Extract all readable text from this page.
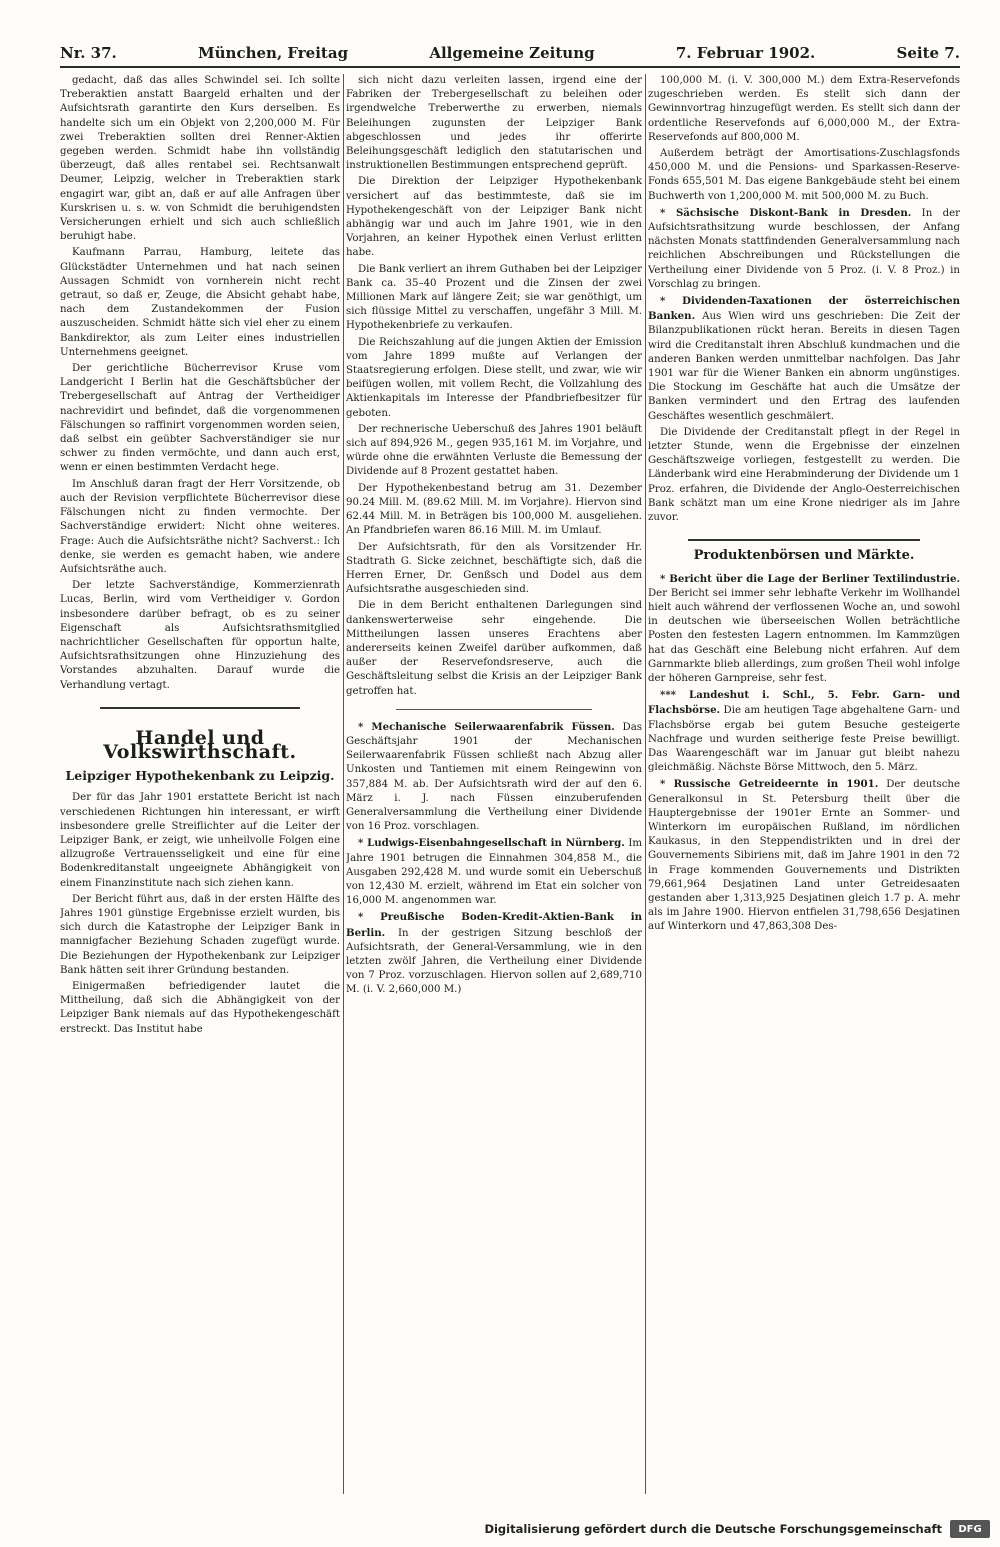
Nr. 37.	München, Freitag	Allgemeine Zeitung	7. Februar 1902.	Seite 7.

gedacht, daß das alles Schwindel sei. Ich sollte Treberaktien anstatt Baargeld erhalten und der Aufsichtsrath garantirte den Kurs derselben. Es handelte sich um ein Objekt von 2,200,000 M. Für zwei Treberaktien sollten drei Renner-Aktien gegeben werden. Schmidt habe ihn vollständig überzeugt, daß alles rentabel sei. Rechtsanwalt Deumer, Leipzig, welcher in Treberaktien stark engagirt war, gibt an, daß er auf alle Anfragen über Kurskrisen u. s. w. von Schmidt die beruhigendsten Versicherungen erhielt und sich auch schließlich beruhigt habe.

Kaufmann Parrau, Hamburg, leitete das Glückstädter Unternehmen und hat nach seinen Aussagen Schmidt von vornherein nicht recht getraut, so daß er, Zeuge, die Absicht gehabt habe, nach dem Zustandekommen der Fusion auszuscheiden. Schmidt hätte sich viel eher zu einem Bankdirektor, als zum Leiter eines industriellen Unternehmens geeignet.

Der gerichtliche Bücherrevisor Kruse vom Landgericht I Berlin hat die Geschäftsbücher der Trebergesellschaft auf Antrag der Vertheidiger nachrevidirt und befindet, daß die vorgenommenen Fälschungen so raffinirt vorgenommen worden seien, daß selbst ein geübter Sachverständiger sie nur schwer zu finden vermöchte, und dann auch erst, wenn er einen bestimmten Verdacht hege.

Im Anschluß daran fragt der Herr Vorsitzende, ob auch der Revision verpflichtete Bücherrevisor diese Fälschungen nicht zu finden vermochte. Der Sachverständige erwidert: Nicht ohne weiteres. Frage: Auch die Aufsichtsräthe nicht? Sachverst.: Ich denke, sie werden es gemacht haben, wie andere Aufsichtsräthe auch.

Der letzte Sachverständige, Kommerzienrath Lucas, Berlin, wird vom Vertheidiger v. Gordon insbesondere darüber befragt, ob es zu seiner Eigenschaft als Aufsichtsrathsmitglied nachrichtlicher Gesellschaften für opportun halte, Aufsichtsrathsitzungen ohne Hinzuziehung des Vorstandes abzuhalten. Darauf wurde die Verhandlung vertagt.

Handel und Volkswirthschaft.
Leipziger Hypothekenbank zu Leipzig.

Der für das Jahr 1901 erstattete Bericht ist nach verschiedenen Richtungen hin interessant, er wirft insbesondere grelle Streiflichter auf die Leiter der Leipziger Bank, er zeigt, wie unheilvolle Folgen eine allzugroße Vertrauensseligkeit und eine für eine Bodenkreditanstalt ungeeignete Abhängigkeit von einem Finanzinstitute nach sich ziehen kann.

Der Bericht führt aus, daß in der ersten Hälfte des Jahres 1901 günstige Ergebnisse erzielt wurden, bis sich durch die Katastrophe der Leipziger Bank in mannigfacher Beziehung Schaden zugefügt wurde. Die Beziehungen der Hypothekenbank zur Leipziger Bank hätten seit ihrer Gründung bestanden.

Einigermaßen befriedigender lautet die Mittheilung, daß sich die Abhängigkeit von der Leipziger Bank niemals auf das Hypothekengeschäft erstreckt. Das Institut habe

sich nicht dazu verleiten lassen, irgend eine der Fabriken der Trebergesellschaft zu beleihen oder irgendwelche Treberwerthe zu erwerben, niemals Beleihungen zugunsten der Leipziger Bank abgeschlossen und jedes ihr offerirte Beleihungsgeschäft lediglich den statutarischen und instruktionellen Bestimmungen entsprechend geprüft.

Die Direktion der Leipziger Hypothekenbank versichert auf das bestimmteste, daß sie im Hypothekengeschäft von der Leipziger Bank nicht abhängig war und auch im Jahre 1901, wie in den Vorjahren, an keiner Hypothek einen Verlust erlitten habe.

Die Bank verliert an ihrem Guthaben bei der Leipziger Bank ca. 35–40 Prozent und die Zinsen der zwei Millionen Mark auf längere Zeit; sie war genöthigt, um sich flüssige Mittel zu verschaffen, ungefähr 3 Mill. M. Hypothekenbriefe zu verkaufen.

Die Reichszahlung auf die jungen Aktien der Emission vom Jahre 1899 mußte auf Verlangen der Staatsregierung erfolgen. Diese stellt, und zwar, wie wir beifügen wollen, mit vollem Recht, die Vollzahlung des Aktienkapitals im Interesse der Pfandbriefbesitzer für geboten.

Der rechnerische Ueberschuß des Jahres 1901 beläuft sich auf 894,926 M., gegen 935,161 M. im Vorjahre, und würde ohne die erwähnten Verluste die Bemessung der Dividende auf 8 Prozent gestattet haben.

Der Hypothekenbestand betrug am 31. Dezember 90.24 Mill. M. (89.62 Mill. M. im Vorjahre). Hiervon sind 62.44 Mill. M. in Beträgen bis 100,000 M. ausgeliehen. An Pfandbriefen waren 86.16 Mill. M. im Umlauf.

Der Aufsichtsrath, für den als Vorsitzender Hr. Stadtrath G. Sicke zeichnet, beschäftigte sich, daß die Herren Erner, Dr. Genßsch und Dodel aus dem Aufsichtsrathe ausgeschieden sind.

Die in dem Bericht enthaltenen Darlegungen sind dankenswerterweise sehr eingehende. Die Mittheilungen lassen unseres Erachtens aber andererseits keinen Zweifel darüber aufkommen, daß außer der Reservefondsreserve, auch die Geschäftsleitung selbst die Krisis an der Leipziger Bank getroffen hat.

* Mechanische Seilerwaarenfabrik Füssen. Das Geschäftsjahr 1901 der Mechanischen Seilerwaarenfabrik Füssen schließt nach Abzug aller Unkosten und Tantiemen mit einem Reingewinn von 357,884 M. ab. Der Aufsichtsrath wird der auf den 6. März i. J. nach Füssen einzuberufenden Generalversammlung die Vertheilung einer Dividende von 16 Proz. vorschlagen.

* Ludwigs-Eisenbahngesellschaft in Nürnberg. Im Jahre 1901 betrugen die Einnahmen 304,858 M., die Ausgaben 292,428 M. und wurde somit ein Ueberschuß von 12,430 M. erzielt, während im Etat ein solcher von 16,000 M. angenommen war.

* Preußische Boden-Kredit-Aktien-Bank in Berlin. In der gestrigen Sitzung beschloß der Aufsichtsrath, der General-Versammlung, wie in den letzten zwölf Jahren, die Vertheilung einer Dividende von 7 Proz. vorzuschlagen. Hiervon sollen auf 2,689,710 M. (i. V. 2,660,000 M.)

100,000 M. (i. V. 300,000 M.) dem Extra-Reservefonds zugeschrieben werden. Es stellt sich dann der Gewinnvortrag hinzugefügt werden. Es stellt sich dann der ordentliche Reservefonds auf 6,000,000 M., der Extra-Reservefonds auf 800,000 M.

Außerdem beträgt der Amortisations-Zuschlagsfonds 450,000 M. und die Pensions- und Sparkassen-Reserve-Fonds 655,501 M. Das eigene Bankgebäude steht bei einem Buchwerth von 1,200,000 M. mit 500,000 M. zu Buch.

* Sächsische Diskont-Bank in Dresden. In der Aufsichtsrathsitzung wurde beschlossen, der Anfang nächsten Monats stattfindenden Generalversammlung nach reichlichen Abschreibungen und Rückstellungen die Vertheilung einer Dividende von 5 Proz. (i. V. 8 Proz.) in Vorschlag zu bringen.

* Dividenden-Taxationen der österreichischen Banken. Aus Wien wird uns geschrieben: Die Zeit der Bilanzpublikationen rückt heran. Bereits in diesen Tagen wird die Creditanstalt ihren Abschluß kundmachen und die anderen Banken werden unmittelbar nachfolgen. Das Jahr 1901 war für die Wiener Banken ein abnorm ungünstiges. Die Stockung im Geschäfte hat auch die Umsätze der Banken vermindert und den Ertrag des laufenden Geschäftes wesentlich geschmälert.

Die Dividende der Creditanstalt pflegt in der Regel in letzter Stunde, wenn die Ergebnisse der einzelnen Geschäftszweige vorliegen, festgestellt zu werden. Die Länderbank wird eine Herabminderung der Dividende um 1 Proz. erfahren, die Dividende der Anglo-Oesterreichischen Bank schätzt man um eine Krone niedriger als im Jahre zuvor.

Produktenbörsen und Märkte.

* Bericht über die Lage der Berliner Textilindustrie. Der Bericht sei immer sehr lebhafte Verkehr im Wollhandel hielt auch während der verflossenen Woche an, und sowohl in deutschen wie überseeischen Wollen beträchtliche Posten den festesten Lagern entnommen. Im Kammzügen hat das Geschäft eine Belebung nicht erfahren. Auf dem Garnmarkte blieb allerdings, zum großen Theil wohl infolge der höheren Garnpreise, sehr fest.

*** Landeshut i. Schl., 5. Febr. Garn- und Flachsbörse. Die am heutigen Tage abgehaltene Garn- und Flachsbörse ergab bei gutem Besuche gesteigerte Nachfrage und wurden seitherige feste Preise bewilligt. Das Waarengeschäft war im Januar gut bleibt nahezu gleichmäßig. Nächste Börse Mittwoch, den 5. März.

* Russische Getreideernte in 1901. Der deutsche Generalkonsul in St. Petersburg theilt über die Hauptergebnisse der 1901er Ernte an Sommer- und Winterkorn im europäischen Rußland, im nördlichen Kaukasus, in den Steppendistrikten und in drei der Gouvernements Sibiriens mit, daß im Jahre 1901 in den 72 in Frage kommenden Gouvernements und Distrikten 79,661,964 Desjatinen Land unter Getreidesaaten gestanden aber 1,313,925 Desjatinen gleich 1.7 p. A. mehr als im Jahre 1900. Hiervon entfielen 31,798,656 Desjatinen auf Winterkorn und 47,863,308 Des-

Digitalisierung gefördert durch die Deutsche Forschungsgemeinschaft	DFG
